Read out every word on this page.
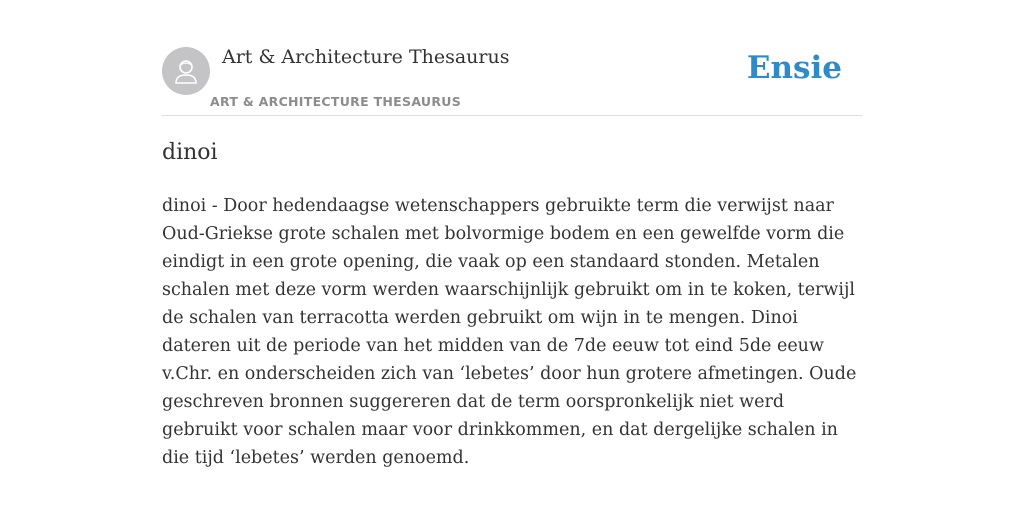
Art & Architecture Thesaurus
ART & ARCHITECTURE THESAURUS
Ensie
dinoi

dinoi - Door hedendaagse wetenschappers gebruikte term die verwijst naar Oud-Griekse grote schalen met bolvormige bodem en een gewelfde vorm die eindigt in een grote opening, die vaak op een standaard stonden. Metalen schalen met deze vorm werden waarschijnlijk gebruikt om in te koken, terwijl de schalen van terracotta werden gebruikt om wijn in te mengen. Dinoi dateren uit de periode van het midden van de 7de eeuw tot eind 5de eeuw v.Chr. en onderscheiden zich van ‘lebetes’ door hun grotere afmetingen. Oude geschreven bronnen suggereren dat de term oorspronkelijk niet werd gebruikt voor schalen maar voor drinkkommen, en dat dergelijke schalen in die tijd ‘lebetes’ werden genoemd.
